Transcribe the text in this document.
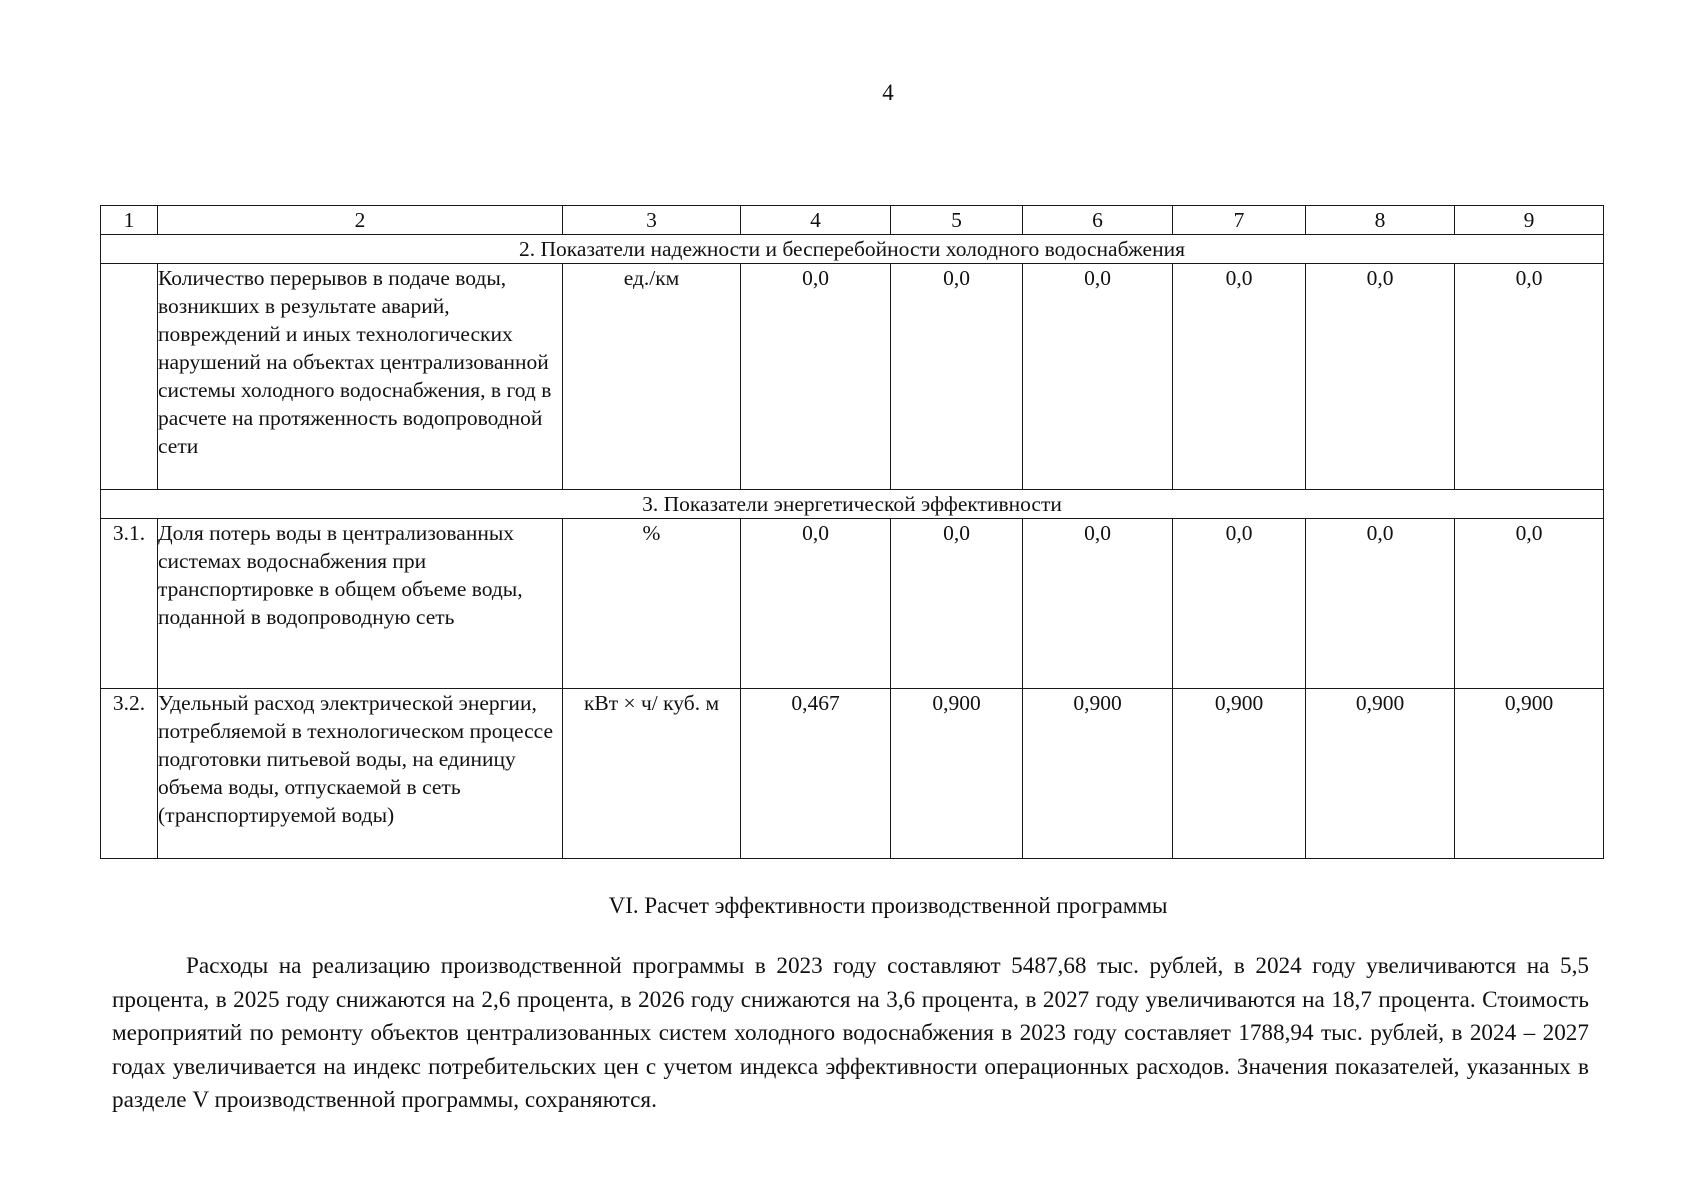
4
1	2	3	4	5	6	7	8	9
2. Показатели надежности и бесперебойности холодного водоснабжения								
	Количество перерывов в подаче воды, возникших в результате аварий, повреждений и иных технологических нарушений на объектах централизованной системы холодного водоснабжения, в год в расчете на протяженность водопроводной сети	ед./км	0,0	0,0	0,0	0,0	0,0	0,0
3. Показатели энергетической эффективности								
3.1.	Доля потерь воды в централизованных системах водоснабжения при транспортировке в общем объеме воды, поданной в водопроводную сеть	%	0,0	0,0	0,0	0,0	0,0	0,0
3.2.	Удельный расход электрической энергии, потребляемой в технологическом процессе подготовки питьевой воды, на единицу объема воды, отпускаемой в сеть (транспортируемой воды)	кВт × ч/ куб. м	0,467	0,900	0,900	0,900	0,900	0,900
VI. Расчет эффективности производственной программы

Расходы на реализацию производственной программы в 2023 году составляют 5487,68 тыс. рублей, в 2024 году увеличиваются на 5,5 процента, в 2025 году снижаются на 2,6 процента, в 2026 году снижаются на 3,6 процента, в 2027 году увеличиваются на 18,7 процента. Стоимость мероприятий по ремонту объектов централизованных систем холодного водоснабжения в 2023 году составляет 1788,94 тыс. рублей, в 2024 – 2027 годах увеличивается на индекс потребительских цен с учетом индекса эффективности операционных расходов. Значения показателей, указанных в разделе V производственной программы, сохраняются.
